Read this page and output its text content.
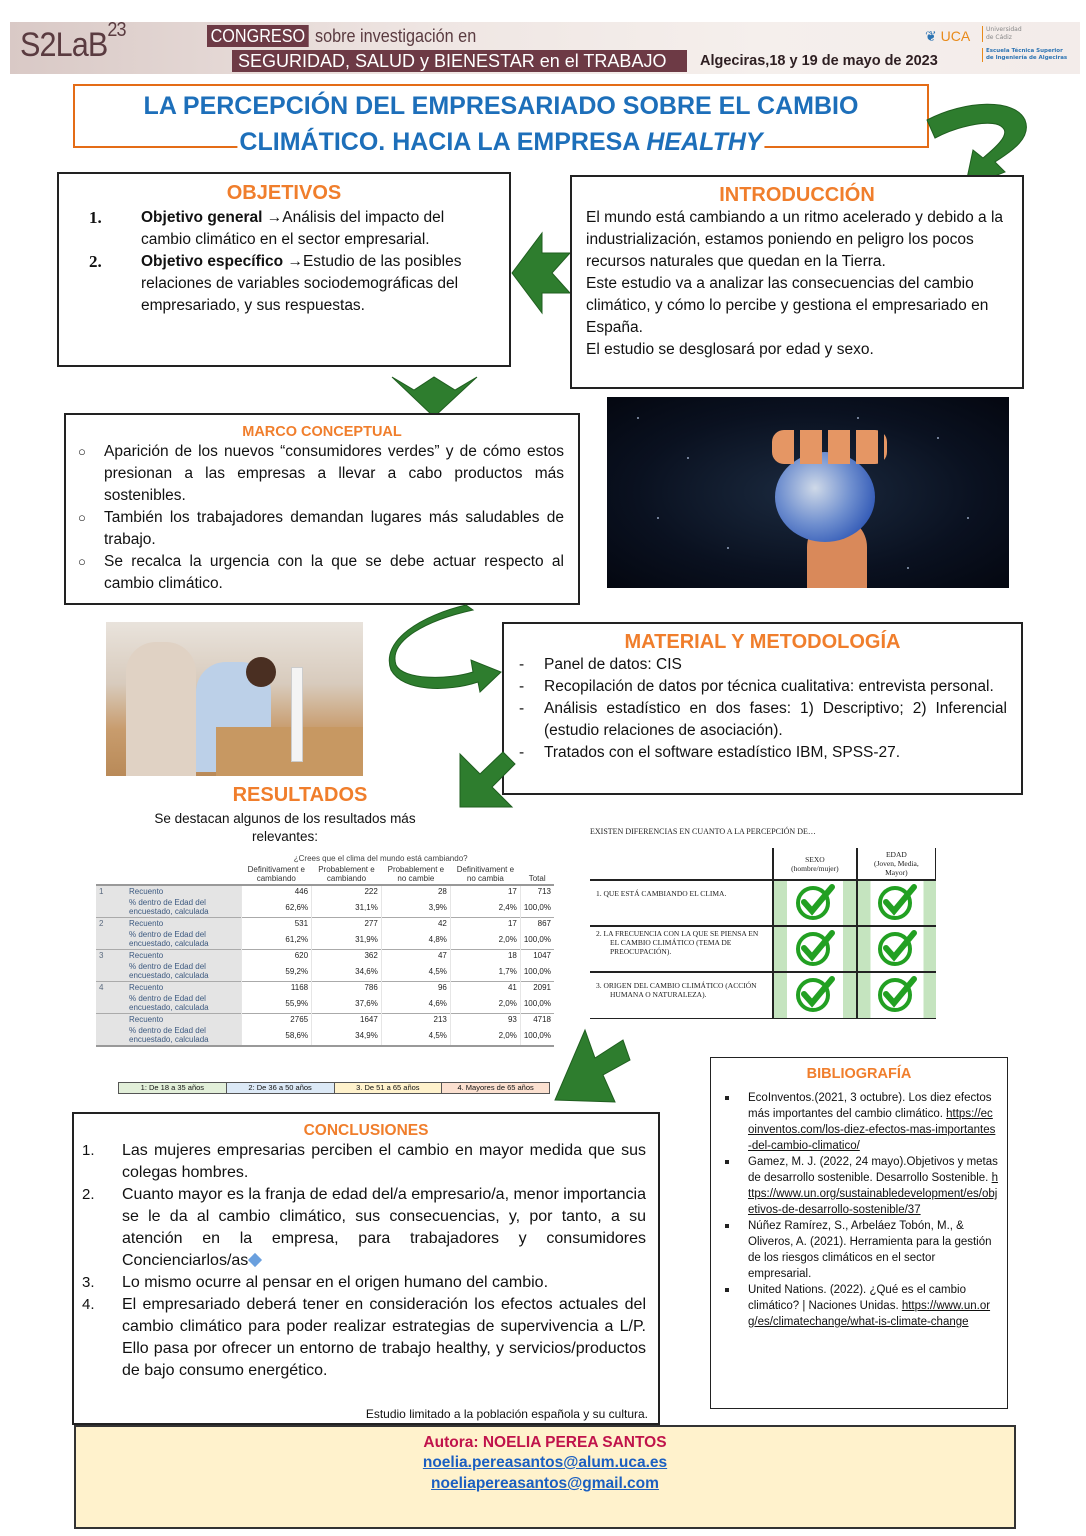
S2LaB$^{23}$	CONGRESO sobre investigación en
SEGURIDAD, SALUD y BIENESTAR en el TRABAJO	Algeciras,18 y 19 de mayo de 2023
❦ UCA	Universidad
de Cádiz
Escuela Técnica Superior
de Ingeniería de Algeciras
LA PERCEPCIÓN DEL EMPRESARIADO SOBRE EL CAMBIO
CLIMÁTICO. HACIA LA EMPRESA HEALTHY
OBJETIVOS
1.	Objetivo general →Análisis del impacto del cambio climático en el sector empresarial.
2.	Objetivo específico →Estudio de las posibles relaciones de variables sociodemográficas del empresariado, y sus respuestas.
INTRODUCCIÓN

El mundo está cambiando a un ritmo acelerado y debido a la industrialización, estamos poniendo en peligro los pocos recursos naturales que quedan en la Tierra.

Este estudio va a analizar las consecuencias del cambio climático, y cómo lo percibe y gestiona el empresariado en España.

El estudio se desglosará por edad y sexo.

MARCO CONCEPTUAL
○ Aparición de los nuevos “consumidores verdes” y de cómo estos presionan a las empresas a llevar a cabo productos más sostenibles.
○ También los trabajadores demandan lugares más saludables de trabajo.
○ Se recalca la urgencia con la que se debe actuar respecto al cambio climático.
MATERIAL Y METODOLOGÍA
- Panel de datos: CIS
- Recopilación de datos por técnica cualitativa: entrevista personal.
- Análisis estadístico en dos fases: 1) Descriptivo; 2) Inferencial (estudio relaciones de asociación).
- Tratados con el software estadístico IBM, SPSS-27.
RESULTADOS
Se destacan algunos de los resultados más relevantes:
		¿Crees que el clima del mundo está cambiando?				
		Definitivament e cambiando	Probablement e cambiando	Probablement e no cambie	Definitivament e no cambia	Total
1	Recuento	446	222	28	17	713
	% dentro de Edad del encuestado, calculada	62,6%	31,1%	3,9%	2,4%	100,0%
2	Recuento	531	277	42	17	867
	% dentro de Edad del encuestado, calculada	61,2%	31,9%	4,8%	2,0%	100,0%
3	Recuento	620	362	47	18	1047
	% dentro de Edad del encuestado, calculada	59,2%	34,6%	4,5%	1,7%	100,0%
4	Recuento	1168	786	96	41	2091
	% dentro de Edad del encuestado, calculada	55,9%	37,6%	4,6%	2,0%	100,0%
	Recuento	2765	1647	213	93	4718
	% dentro de Edad del encuestado, calculada	58,6%	34,9%	4,5%	2,0%	100,0%
1: De 18 a 35 años	2: De 36 a 50 años	3. De 51 a 65 años	4. Mayores de 65 años
EXISTEN DIFERENCIAS EN CUANTO A LA PERCEPCIÓN DE…

SEXO
(hombre/mujer)

EDAD
(Joven, Media,
Mayor)

1. QUE ESTÁ CAMBIANDO EL CLIMA.

2. LA FRECUENCIA CON LA QUE SE PIENSA EN EL CAMBIO CLIMÁTICO (TEMA DE PREOCUPACIÓN).

3. ORIGEN DEL CAMBIO CLIMÁTICO (ACCIÓN HUMANA O NATURALEZA).

CONCLUSIONES
1. Las mujeres empresarias perciben el cambio en mayor medida que sus colegas hombres.
2. Cuanto mayor es la franja de edad del/a empresario/a, menor importancia se le da al cambio climático, sus consecuencias, y, por tanto, a su atención en la empresa, para trabajadores y consumidores Concienciarlos/as
3. Lo mismo ocurre al pensar en el origen humano del cambio.
4. El empresariado deberá tener en consideración los efectos actuales del cambio climático para poder realizar estrategias de supervivencia a L/P. Ello pasa por ofrecer un entorno de trabajo healthy, y servicios/productos de bajo consumo energético.
Estudio limitado a la población española y su cultura.
BIBLIOGRAFÍA
EcoInventos.(2021, 3 octubre). Los diez efectos más importantes del cambio climático. https://ecoinventos.com/los-diez-efectos-mas-importantes-del-cambio-climatico/
Gamez, M. J. (2022, 24 mayo).Objetivos y metas de desarrollo sostenible. Desarrollo Sostenible. https://www.un.org/sustainabledevelopment/es/objetivos-de-desarrollo-sostenible/37
Núñez Ramírez, S., Arbeláez Tobón, M., & Oliveros, A. (2021). Herramienta para la gestión de los riesgos climáticos en el sector empresarial.
United Nations. (2022). ¿Qué es el cambio climático? | Naciones Unidas. https://www.un.org/es/climatechange/what-is-climate-change
Autora: NOELIA PEREA SANTOS
noelia.pereasantos@alum.uca.es
noeliapereasantos@gmail.com
